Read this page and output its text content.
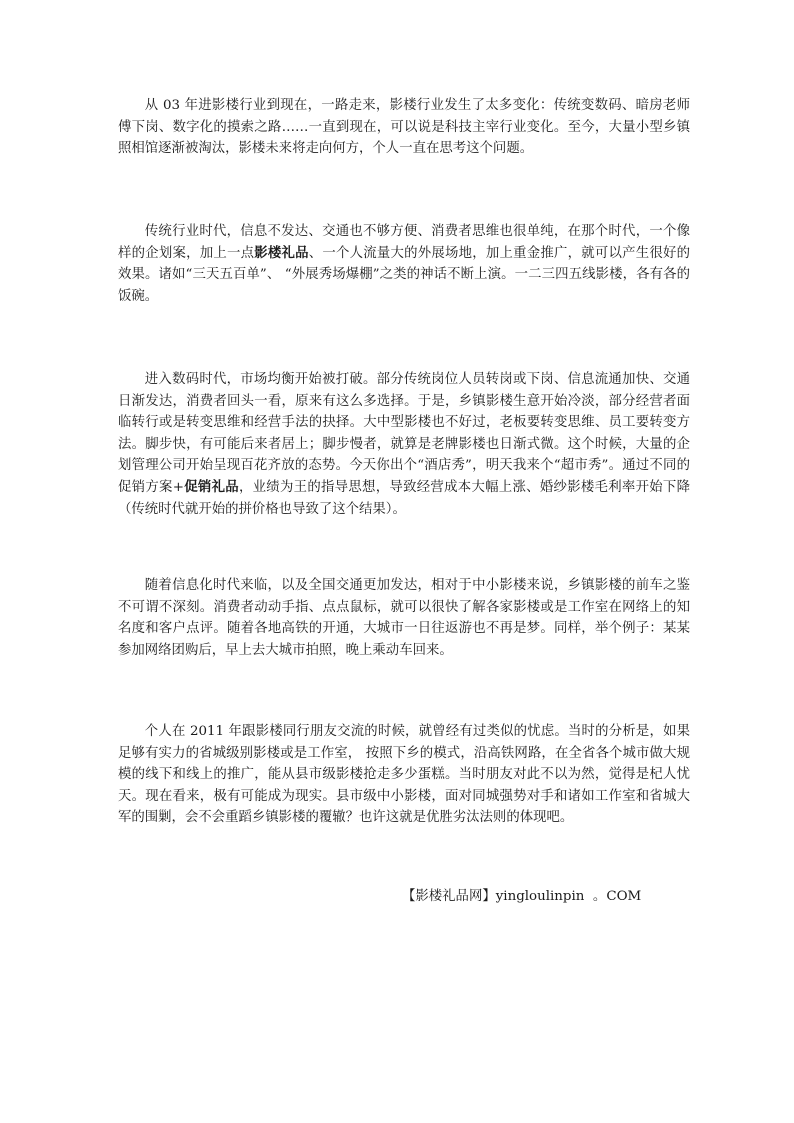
从 03 年进影楼行业到现在，一路走来，影楼行业发生了太多变化：传统变数码、暗房老师傅下岗、数字化的摸索之路……一直到现在，可以说是科技主宰行业变化。至今，大量小型乡镇照相馆逐渐被淘汰，影楼未来将走向何方，个人一直在思考这个问题。

传统行业时代，信息不发达、交通也不够方便、消费者思维也很单纯，在那个时代，一个像样的企划案，加上一点影楼礼品、一个人流量大的外展场地，加上重金推广，就可以产生很好的效果。诸如“三天五百单”、 “外展秀场爆棚”之类的神话不断上演。一二三四五线影楼，各有各的饭碗。

进入数码时代，市场均衡开始被打破。部分传统岗位人员转岗或下岗、信息流通加快、交通日渐发达，消费者回头一看，原来有这么多选择。于是，乡镇影楼生意开始冷淡，部分经营者面临转行或是转变思维和经营手法的抉择。大中型影楼也不好过，老板要转变思维、员工要转变方法。脚步快，有可能后来者居上；脚步慢者，就算是老牌影楼也日渐式微。这个时候，大量的企划管理公司开始呈现百花齐放的态势。今天你出个“酒店秀”，明天我来个“超市秀”。通过不同的促销方案+促销礼品，业绩为王的指导思想，导致经营成本大幅上涨、婚纱影楼毛利率开始下降（传统时代就开始的拼价格也导致了这个结果）。

随着信息化时代来临，以及全国交通更加发达，相对于中小影楼来说，乡镇影楼的前车之鉴不可谓不深刻。消费者动动手指、点点鼠标，就可以很快了解各家影楼或是工作室在网络上的知名度和客户点评。随着各地高铁的开通，大城市一日往返游也不再是梦。同样，举个例子：某某参加网络团购后，早上去大城市拍照，晚上乘动车回来。

个人在 2011 年跟影楼同行朋友交流的时候，就曾经有过类似的忧虑。当时的分析是，如果足够有实力的省城级别影楼或是工作室， 按照下乡的模式，沿高铁网路，在全省各个城市做大规模的线下和线上的推广，能从县市级影楼抢走多少蛋糕。当时朋友对此不以为然，觉得是杞人忧天。现在看来，极有可能成为现实。县市级中小影楼，面对同城强势对手和诸如工作室和省城大军的围剿，会不会重蹈乡镇影楼的覆辙？也许这就是优胜劣汰法则的体现吧。

【影楼礼品网】yingloulinpin  。COM
